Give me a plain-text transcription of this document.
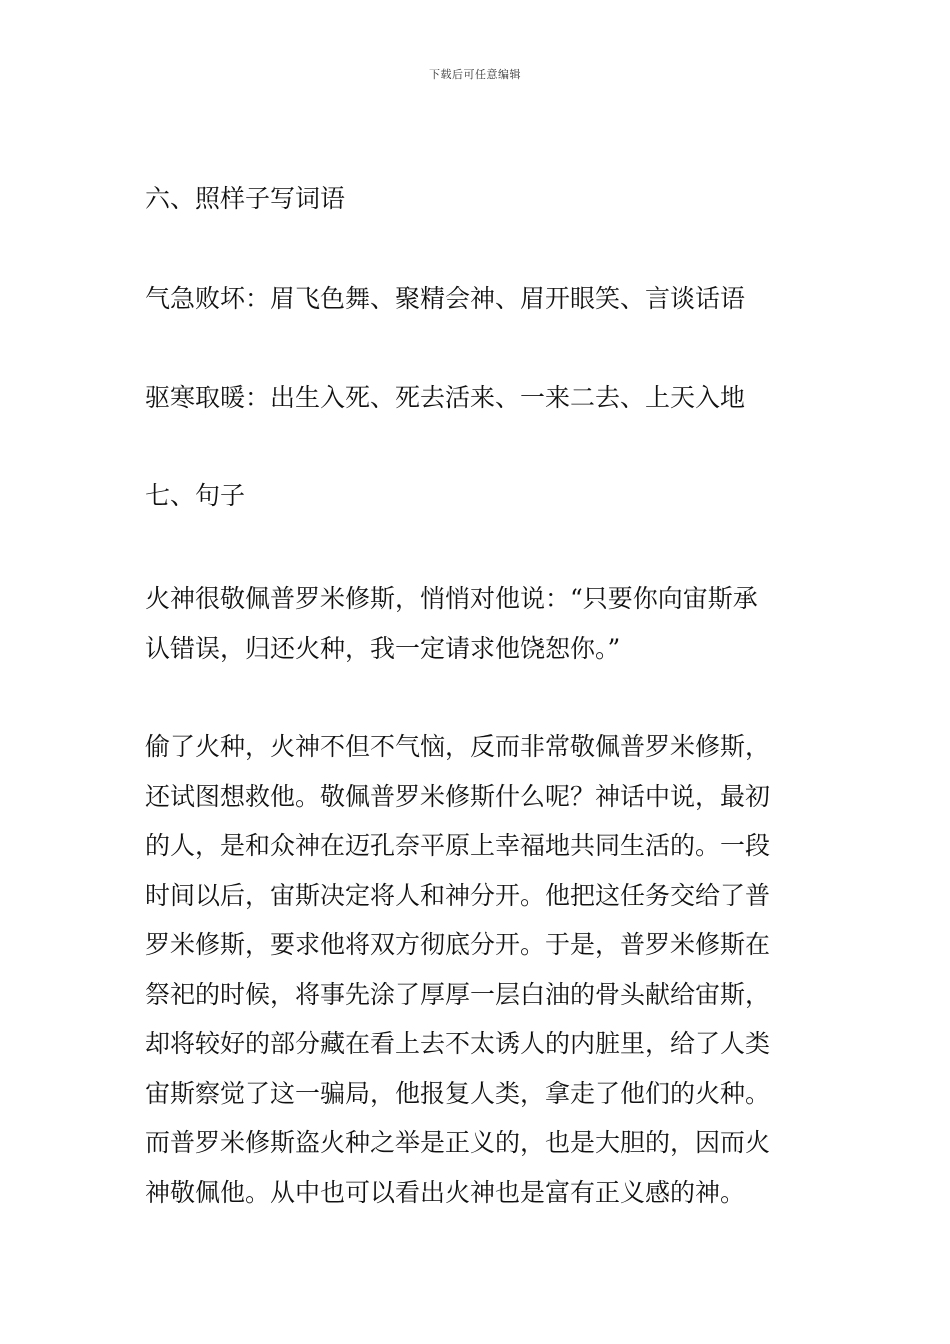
下载后可任意编辑
六、照样子写词语
气急败坏：眉飞色舞、聚精会神、眉开眼笑、言谈话语
驱寒取暖：出生入死、死去活来、一来二去、上天入地
七、句子
火神很敬佩普罗米修斯，悄悄对他说：“只要你向宙斯承
认错误，归还火种，我一定请求他饶恕你。”
偷了火种，火神不但不气恼，反而非常敬佩普罗米修斯，
还试图想救他。敬佩普罗米修斯什么呢？神话中说，最初
的人，是和众神在迈孔奈平原上幸福地共同生活的。一段
时间以后，宙斯决定将人和神分开。他把这任务交给了普
罗米修斯，要求他将双方彻底分开。于是，普罗米修斯在
祭祀的时候，将事先涂了厚厚一层白油的骨头献给宙斯，
却将较好的部分藏在看上去不太诱人的内脏里，给了人类
宙斯察觉了这一骗局，他报复人类，拿走了他们的火种。
而普罗米修斯盗火种之举是正义的，也是大胆的，因而火
神敬佩他。从中也可以看出火神也是富有正义感的神。
